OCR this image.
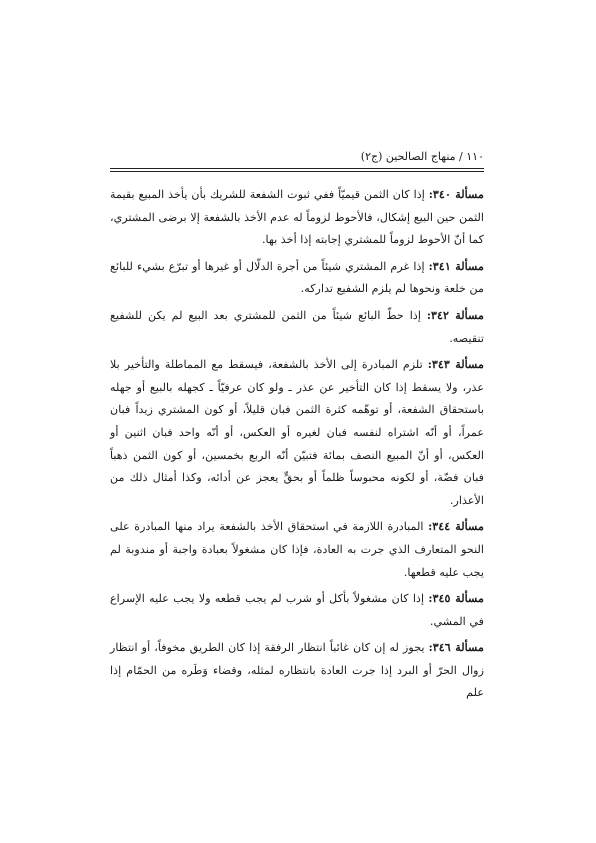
١١٠ / منهاج الصالحين (ج٢)

مسألة ٣٤٠: إذا كان الثمن قيميّاً ففي ثبوت الشفعة للشريك بأن يأخذ المبيع بقيمة الثمن حين البيع إشكال، فالأحوط لزوماً له عدم الأخذ بالشفعة إلا برضى المشتري، كما أنّ الأحوط لزوماً للمشتري إجابته إذا أخذ بها.

مسألة ٣٤١: إذا غرم المشتري شيئاً من أجرة الدلّال أو غيرها أو تبرّع بشيء للبائع من خلعة ونحوها لم يلزم الشفيع تداركه.

مسألة ٣٤٢: إذا حطّ البائع شيئاً من الثمن للمشتري بعد البيع لم يكن للشفيع تنقيصه.

مسألة ٣٤٣: تلزم المبادرة إلى الأخذ بالشفعة، فيسقط مع المماطلة والتأخير بلا عذر، ولا يسقط إذا كان التأخير عن عذر ـ ولو كان عرفيّاً ـ كجهله بالبيع أو جهله باستحقاق الشفعة، أو توهّمه كثرة الثمن فبان قليلاً، أو كون المشتري زيداً فبان عمراً، أو أنّه اشتراه لنفسه فبان لغيره أو العكس، أو أنّه واحد فبان اثنين أو العكس، أو أنّ المبيع النصف بمائة فتبيّن أنّه الربع بخمسين، أو كون الثمن ذهباً فبان فضّة، أو لكونه محبوساً ظلماً أو بحقٍّ يعجز عن أدائه، وكذا أمثال ذلك من الأعذار.

مسألة ٣٤٤: المبادرة اللازمة في استحقاق الأخذ بالشفعة يراد منها المبادرة على النحو المتعارف الذي جرت به العادة، فإذا كان مشغولاً بعبادة واجبة أو مندوبة لم يجب عليه قطعها.

مسألة ٣٤٥: إذا كان مشغولاً بأكل أو شرب لم يجب قطعه ولا يجب عليه الإسراع في المشي.

مسألة ٣٤٦: يجوز له إن كان غائباً انتظار الرفقة إذا كان الطريق مخوفاً، أو انتظار زوال الحرّ أو البرد إذا جرت العادة بانتظاره لمثله، وقضاء وَطَره من الحمّام إذا علم
